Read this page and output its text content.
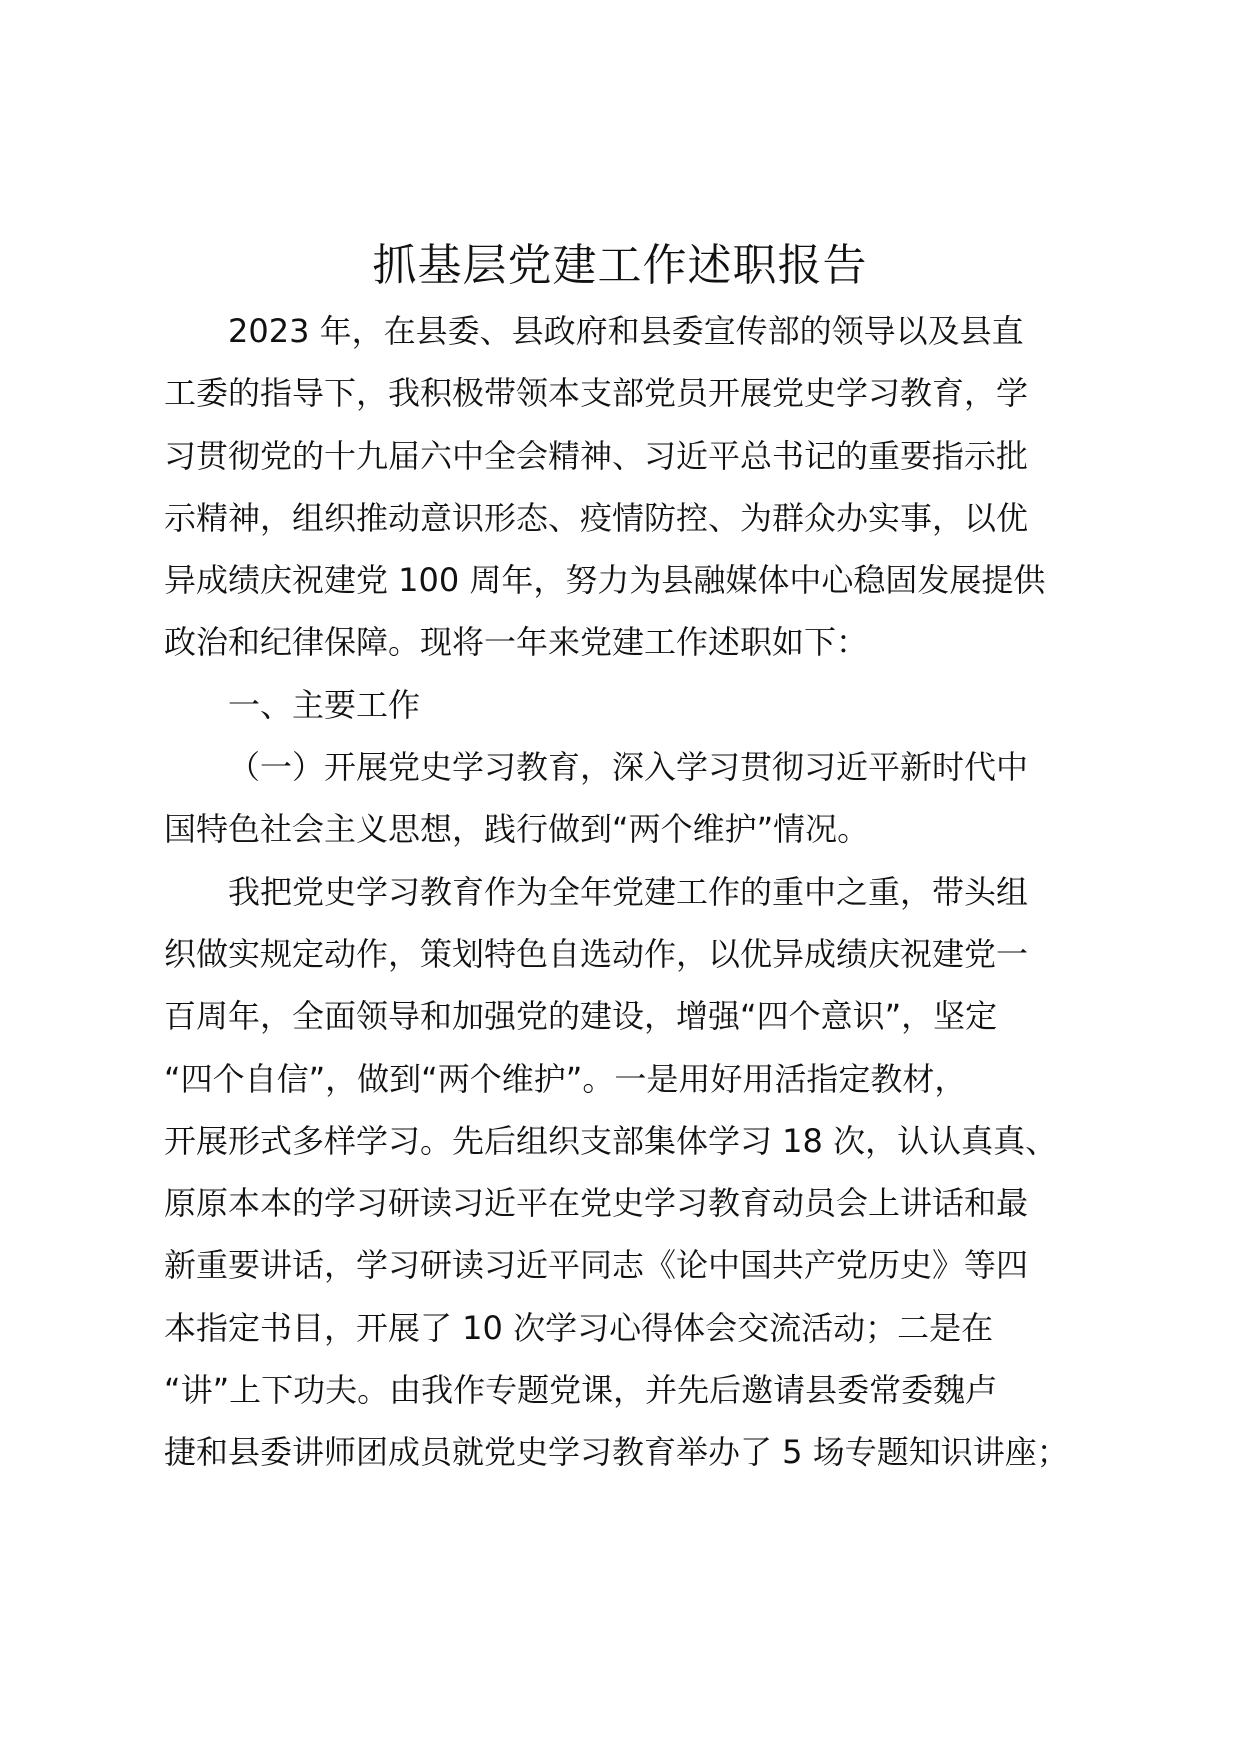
抓基层党建工作述职报告
2023 年，在县委、县政府和县委宣传部的领导以及县直
工委的指导下，我积极带领本支部党员开展党史学习教育，学
习贯彻党的十九届六中全会精神、习近平总书记的重要指示批
示精神，组织推动意识形态、疫情防控、为群众办实事，以优
异成绩庆祝建党 100 周年，努力为县融媒体中心稳固发展提供
政治和纪律保障。现将一年来党建工作述职如下：
一、主要工作
（一）开展党史学习教育，深入学习贯彻习近平新时代中
国特色社会主义思想，践行做到“两个维护”情况。
我把党史学习教育作为全年党建工作的重中之重，带头组
织做实规定动作，策划特色自选动作，以优异成绩庆祝建党一
百周年，全面领导和加强党的建设，增强“四个意识”，坚定
“四个自信”，做到“两个维护”。一是用好用活指定教材，
开展形式多样学习。先后组织支部集体学习 18 次，认认真真、
原原本本的学习研读习近平在党史学习教育动员会上讲话和最
新重要讲话，学习研读习近平同志《论中国共产党历史》等四
本指定书目，开展了 10 次学习心得体会交流活动；二是在
“讲”上下功夫。由我作专题党课，并先后邀请县委常委魏卢
捷和县委讲师团成员就党史学习教育举办了 5 场专题知识讲座；
